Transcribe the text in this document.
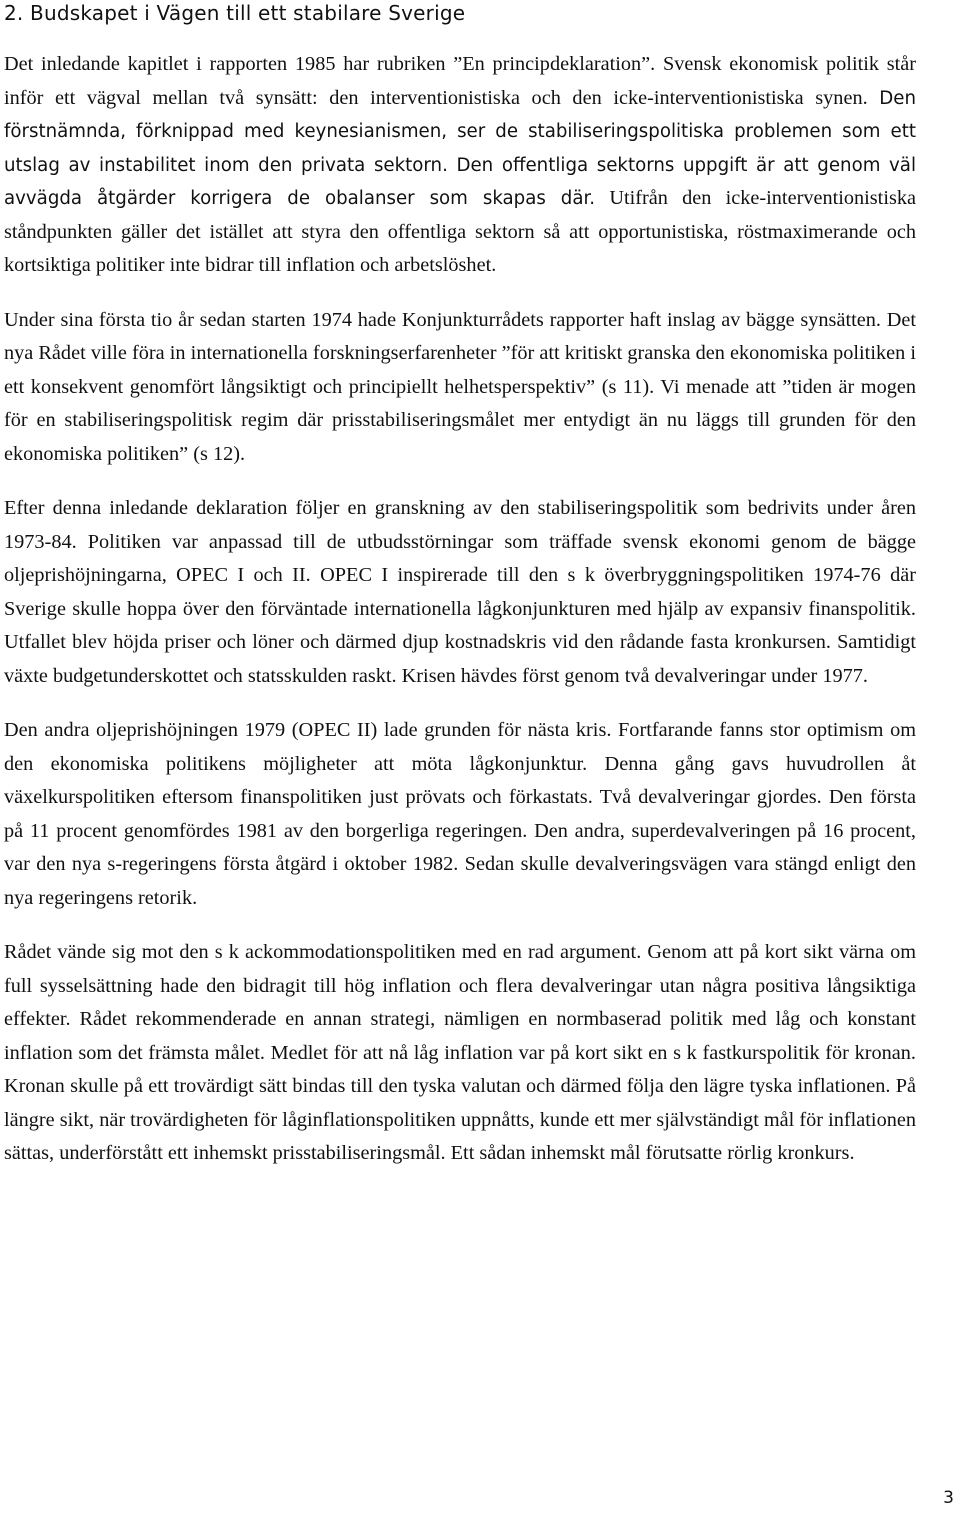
2. Budskapet i Vägen till ett stabilare Sverige

Det inledande kapitlet i rapporten 1985 har rubriken ”En principdeklaration”. Svensk ekonomisk politik står inför ett vägval mellan två synsätt: den interventionistiska och den icke-interventionistiska synen. Den förstnämnda, förknippad med keynesianismen, ser de stabiliseringspolitiska problemen som ett utslag av instabilitet inom den privata sektorn. Den offentliga sektorns uppgift är att genom väl avvägda åtgärder korrigera de obalanser som skapas där. Utifrån den icke-interventionistiska ståndpunkten gäller det istället att styra den offentliga sektorn så att opportunistiska, röstmaximerande och kortsiktiga politiker inte bidrar till inflation och arbetslöshet.

Under sina första tio år sedan starten 1974 hade Konjunkturrådets rapporter haft inslag av bägge synsätten. Det nya Rådet ville föra in internationella forskningserfarenheter ”för att kritiskt granska den ekonomiska politiken i ett konsekvent genomfört långsiktigt och principiellt helhetsperspektiv” (s 11). Vi menade att ”tiden är mogen för en stabiliseringspolitisk regim där prisstabiliseringsmålet mer entydigt än nu läggs till grunden för den ekonomiska politiken” (s 12).

Efter denna inledande deklaration följer en granskning av den stabiliseringspolitik som bedrivits under åren 1973-84. Politiken var anpassad till de utbudsstörningar som träffade svensk ekonomi genom de bägge oljeprishöjningarna, OPEC I och II. OPEC I inspirerade till den s k överbryggningspolitiken 1974-76 där Sverige skulle hoppa över den förväntade internationella lågkonjunkturen med hjälp av expansiv finanspolitik. Utfallet blev höjda priser och löner och därmed djup kostnadskris vid den rådande fasta kronkursen. Samtidigt växte budgetunderskottet och statsskulden raskt. Krisen hävdes först genom två devalveringar under 1977.

Den andra oljeprishöjningen 1979 (OPEC II) lade grunden för nästa kris. Fortfarande fanns stor optimism om den ekonomiska politikens möjligheter att möta lågkonjunktur. Denna gång gavs huvudrollen åt växelkurspolitiken eftersom finanspolitiken just prövats och förkastats. Två devalveringar gjordes. Den första på 11 procent genomfördes 1981 av den borgerliga regeringen. Den andra, superdevalveringen på 16 procent, var den nya s-regeringens första åtgärd i oktober 1982. Sedan skulle devalveringsvägen vara stängd enligt den nya regeringens retorik.

Rådet vände sig mot den s k ackommodationspolitiken med en rad argument. Genom att på kort sikt värna om full sysselsättning hade den bidragit till hög inflation och flera devalveringar utan några positiva långsiktiga effekter. Rådet rekommenderade en annan strategi, nämligen en normbaserad politik med låg och konstant inflation som det främsta målet. Medlet för att nå låg inflation var på kort sikt en s k fastkurspolitik för kronan. Kronan skulle på ett trovärdigt sätt bindas till den tyska valutan och därmed följa den lägre tyska inflationen. På längre sikt, när trovärdigheten för låginflationspolitiken uppnåtts, kunde ett mer självständigt mål för inflationen sättas, underförstått ett inhemskt prisstabiliseringsmål. Ett sådan inhemskt mål förutsatte rörlig kronkurs.

3
